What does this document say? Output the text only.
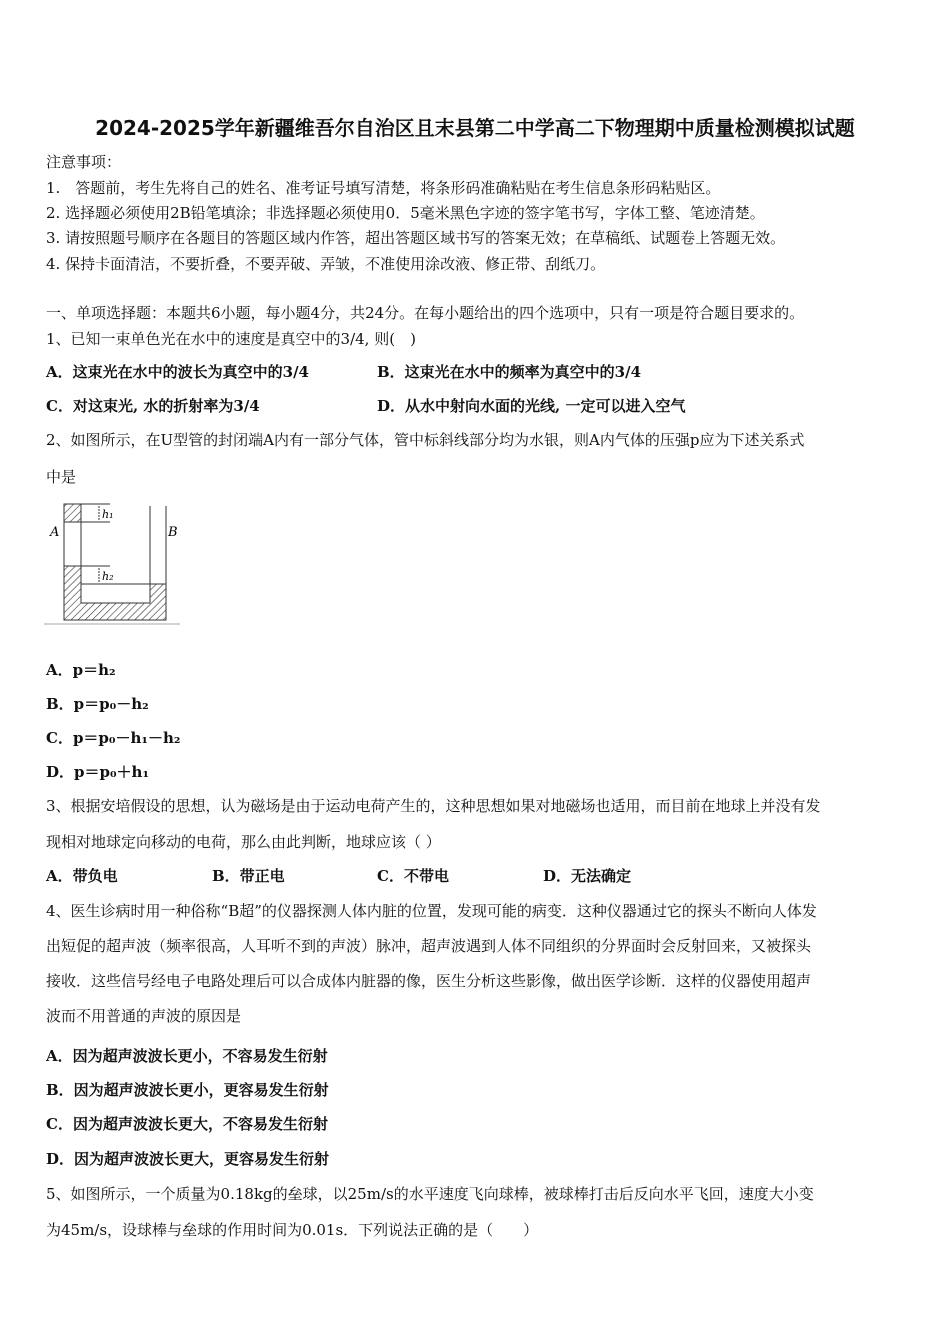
2024-2025学年新疆维吾尔自治区且末县第二中学高二下物理期中质量检测模拟试题
注意事项：
1.　答题前，考生先将自己的姓名、准考证号填写清楚，将条形码准确粘贴在考生信息条形码粘贴区。
2. 选择题必须使用2B铅笔填涂；非选择题必须使用0．5毫米黑色字迹的签字笔书写，字体工整、笔迹清楚。
3. 请按照题号顺序在各题目的答题区域内作答，超出答题区域书写的答案无效；在草稿纸、试题卷上答题无效。
4. 保持卡面清洁，不要折叠，不要弄破、弄皱，不准使用涂改液、修正带、刮纸刀。
一、单项选择题：本题共6小题，每小题4分，共24分。在每小题给出的四个选项中，只有一项是符合题目要求的。
1、已知一束单色光在水中的速度是真空中的3/4, 则(　)
A．这束光在水中的波长为真空中的3/4	B．这束光在水中的频率为真空中的3/4
C．对这束光, 水的折射率为3/4	D．从水中射向水面的光线, 一定可以进入空气
2、如图所示，在U型管的封闭端A内有一部分气体，管中标斜线部分均为水银，则A内气体的压强p应为下述关系式
中是
h₁
h₂
A	B
A．p＝h₂
B．p＝p₀－h₂
C．p＝p₀－h₁－h₂
D．p＝p₀＋h₁
3、根据安培假设的思想，认为磁场是由于运动电荷产生的，这种思想如果对地磁场也适用，而目前在地球上并没有发
现相对地球定向移动的电荷，那么由此判断，地球应该（ ）
A．带负电	B．带正电	C．不带电	D．无法确定
4、医生诊病时用一种俗称“B超”的仪器探测人体内脏的位置，发现可能的病变．这种仪器通过它的探头不断向人体发
出短促的超声波（频率很高，人耳听不到的声波）脉冲，超声波遇到人体不同组织的分界面时会反射回来，又被探头
接收．这些信号经电子电路处理后可以合成体内脏器的像，医生分析这些影像，做出医学诊断．这样的仪器使用超声
波而不用普通的声波的原因是
A．因为超声波波长更小，不容易发生衍射
B．因为超声波波长更小，更容易发生衍射
C．因为超声波波长更大，不容易发生衍射
D．因为超声波波长更大，更容易发生衍射
5、如图所示，一个质量为0.18kg的垒球，以25m/s的水平速度飞向球棒，被球棒打击后反向水平飞回，速度大小变
为45m/s，设球棒与垒球的作用时间为0.01s．下列说法正确的是（　　）
